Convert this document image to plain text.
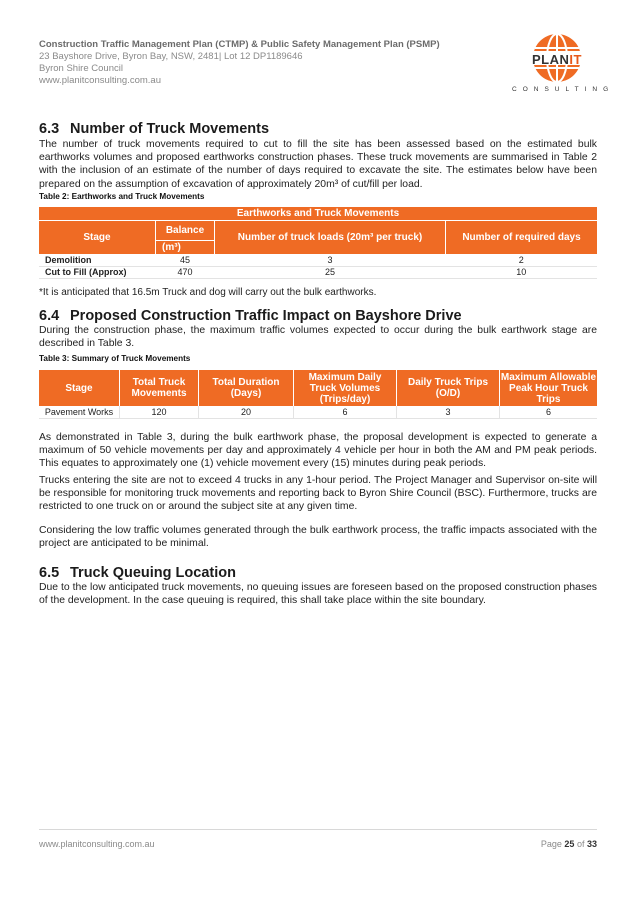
Construction Traffic Management Plan (CTMP) & Public Safety Management Plan (PSMP)
23 Bayshore Drive, Byron Bay, NSW, 2481| Lot 12 DP1189646
Byron Shire Council
www.planitconsulting.com.au
PLANIT
CONSULTING
6.3 Number of Truck Movements

The number of truck movements required to cut to fill the site has been assessed based on the estimated bulk earthworks volumes and proposed earthworks construction phases. These truck movements are summarised in Table 2 with the inclusion of an estimate of the number of days required to excavate the site. The estimates below have been prepared on the assumption of excavation of approximately 20m³ of cut/fill per load.

Table 2: Earthworks and Truck Movements
Earthworks and Truck Movements			
Stage	Balance	Number of truck loads (20m³ per truck)	Number of required days
	(m³)		
Demolition	45	3	2
Cut to Fill (Approx)	470	25	10

*It is anticipated that 16.5m Truck and dog will carry out the bulk earthworks.

6.4 Proposed Construction Traffic Impact on Bayshore Drive

During the construction phase, the maximum traffic volumes expected to occur during the bulk earthwork stage are described in Table 3.

Table 3: Summary of Truck Movements
Stage	Total Truck Movements	Total Duration (Days)	Maximum Daily Truck Volumes (Trips/day)	Daily Truck Trips (O/D)	Maximum Allowable Peak Hour Truck Trips
Pavement Works	120	20	6	3	6

As demonstrated in Table 3, during the bulk earthwork phase, the proposal development is expected to generate a maximum of 50 vehicle movements per day and approximately 4 vehicle per hour in both the AM and PM peak periods. This equates to approximately one (1) vehicle movement every (15) minutes during peak periods.

Trucks entering the site are not to exceed 4 trucks in any 1-hour period. The Project Manager and Supervisor on-site will be responsible for monitoring truck movements and reporting back to Byron Shire Council (BSC). Furthermore, trucks are restricted to one truck on or around the subject site at any given time.

Considering the low traffic volumes generated through the bulk earthwork process, the traffic impacts associated with the project are anticipated to be minimal.

6.5 Truck Queuing Location

Due to the low anticipated truck movements, no queuing issues are foreseen based on the proposed construction phases of the development. In the case queuing is required, this shall take place within the site boundary.

www.planitconsulting.com.au	Page 25 of 33
